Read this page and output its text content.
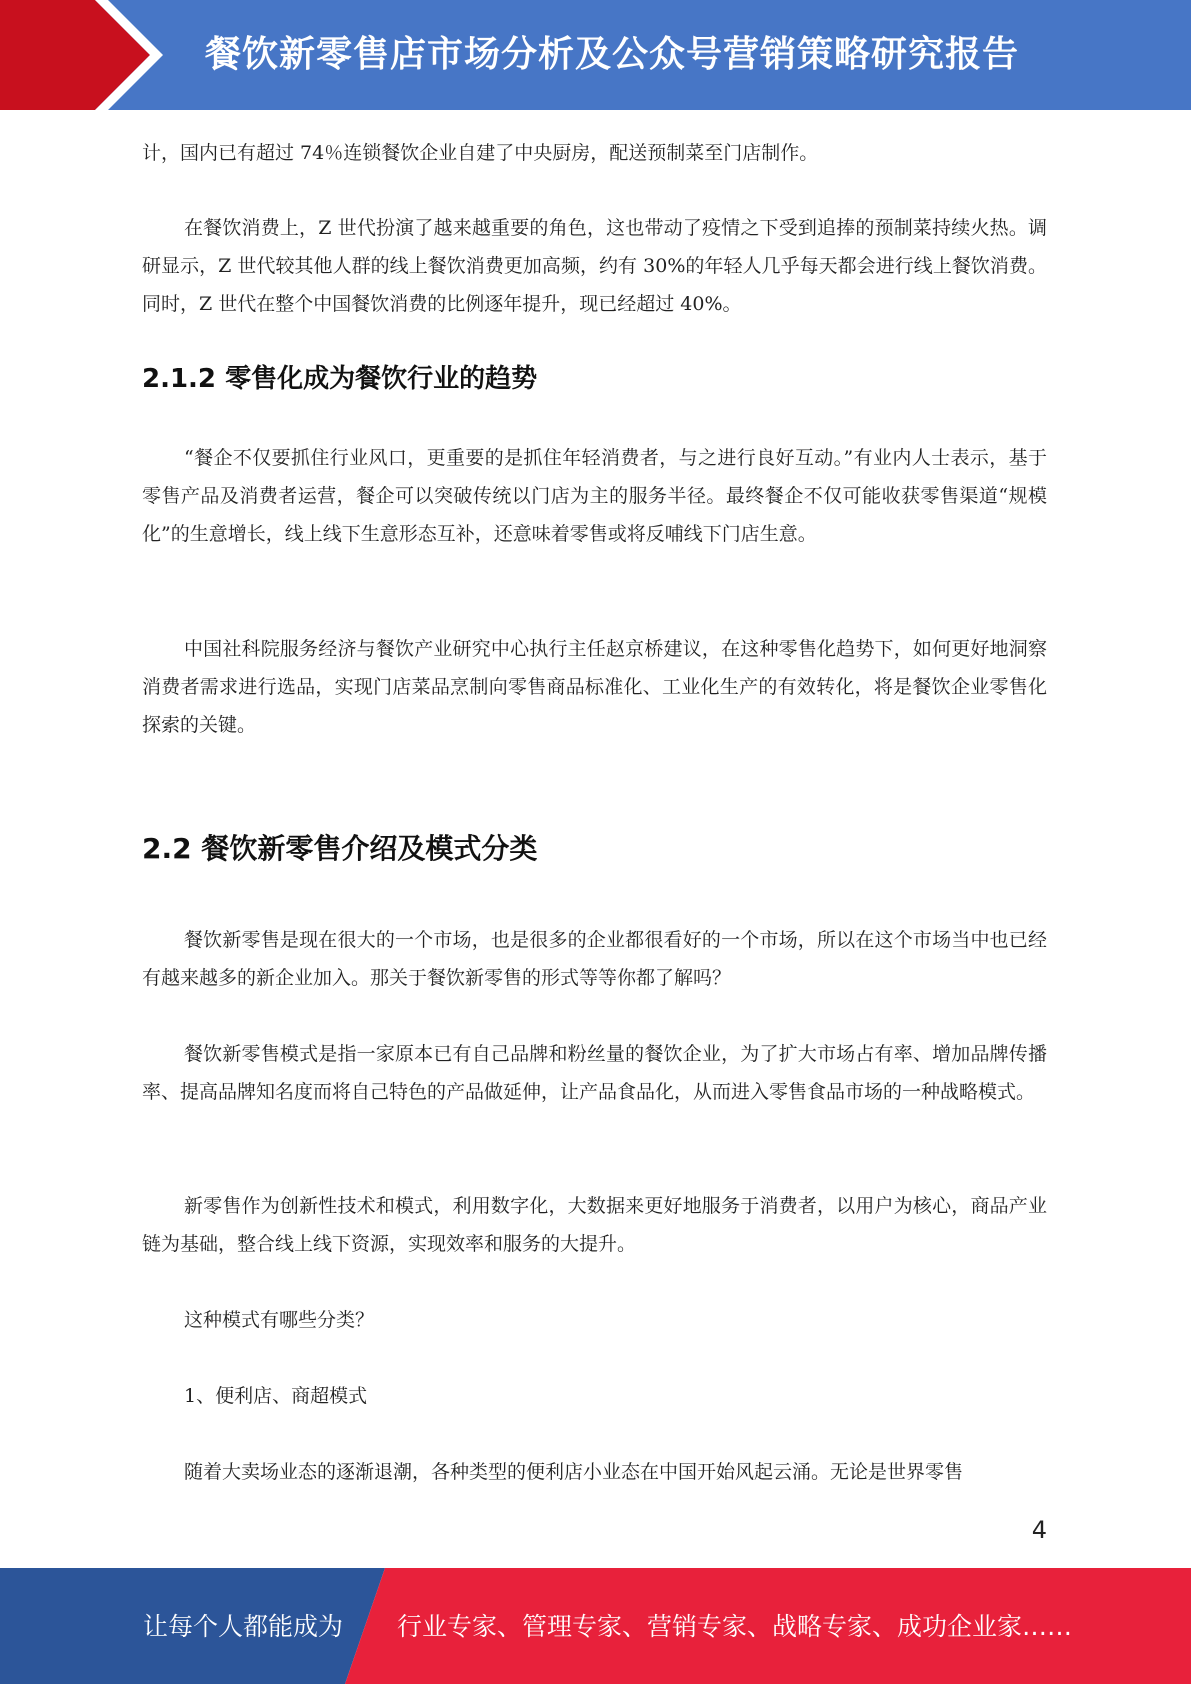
餐饮新零售店市场分析及公众号营销策略研究报告

计，国内已有超过 74％连锁餐饮企业自建了中央厨房，配送预制菜至门店制作。

在餐饮消费上，Z 世代扮演了越来越重要的角色，这也带动了疫情之下受到追捧的预制菜持续火热。调研显示，Z 世代较其他人群的线上餐饮消费更加高频，约有 30%的年轻人几乎每天都会进行线上餐饮消费。同时，Z 世代在整个中国餐饮消费的比例逐年提升，现已经超过 40%。

2.1.2 零售化成为餐饮行业的趋势

“餐企不仅要抓住行业风口，更重要的是抓住年轻消费者，与之进行良好互动。”有业内人士表示，基于零售产品及消费者运营，餐企可以突破传统以门店为主的服务半径。最终餐企不仅可能收获零售渠道“规模化”的生意增长，线上线下生意形态互补，还意味着零售或将反哺线下门店生意。

中国社科院服务经济与餐饮产业研究中心执行主任赵京桥建议，在这种零售化趋势下，如何更好地洞察消费者需求进行选品，实现门店菜品烹制向零售商品标准化、工业化生产的有效转化，将是餐饮企业零售化探索的关键。

2.2 餐饮新零售介绍及模式分类

餐饮新零售是现在很大的一个市场，也是很多的企业都很看好的一个市场，所以在这个市场当中也已经有越来越多的新企业加入。那关于餐饮新零售的形式等等你都了解吗？

餐饮新零售模式是指一家原本已有自己品牌和粉丝量的餐饮企业，为了扩大市场占有率、增加品牌传播率、提高品牌知名度而将自己特色的产品做延伸，让产品食品化，从而进入零售食品市场的一种战略模式。

新零售作为创新性技术和模式，利用数字化，大数据来更好地服务于消费者，以用户为核心，商品产业链为基础，整合线上线下资源，实现效率和服务的大提升。

这种模式有哪些分类？

1、便利店、商超模式

随着大卖场业态的逐渐退潮，各种类型的便利店小业态在中国开始风起云涌。无论是世界零售

4
让每个人都能成为 行业专家、管理专家、营销专家、战略专家、成功企业家……
